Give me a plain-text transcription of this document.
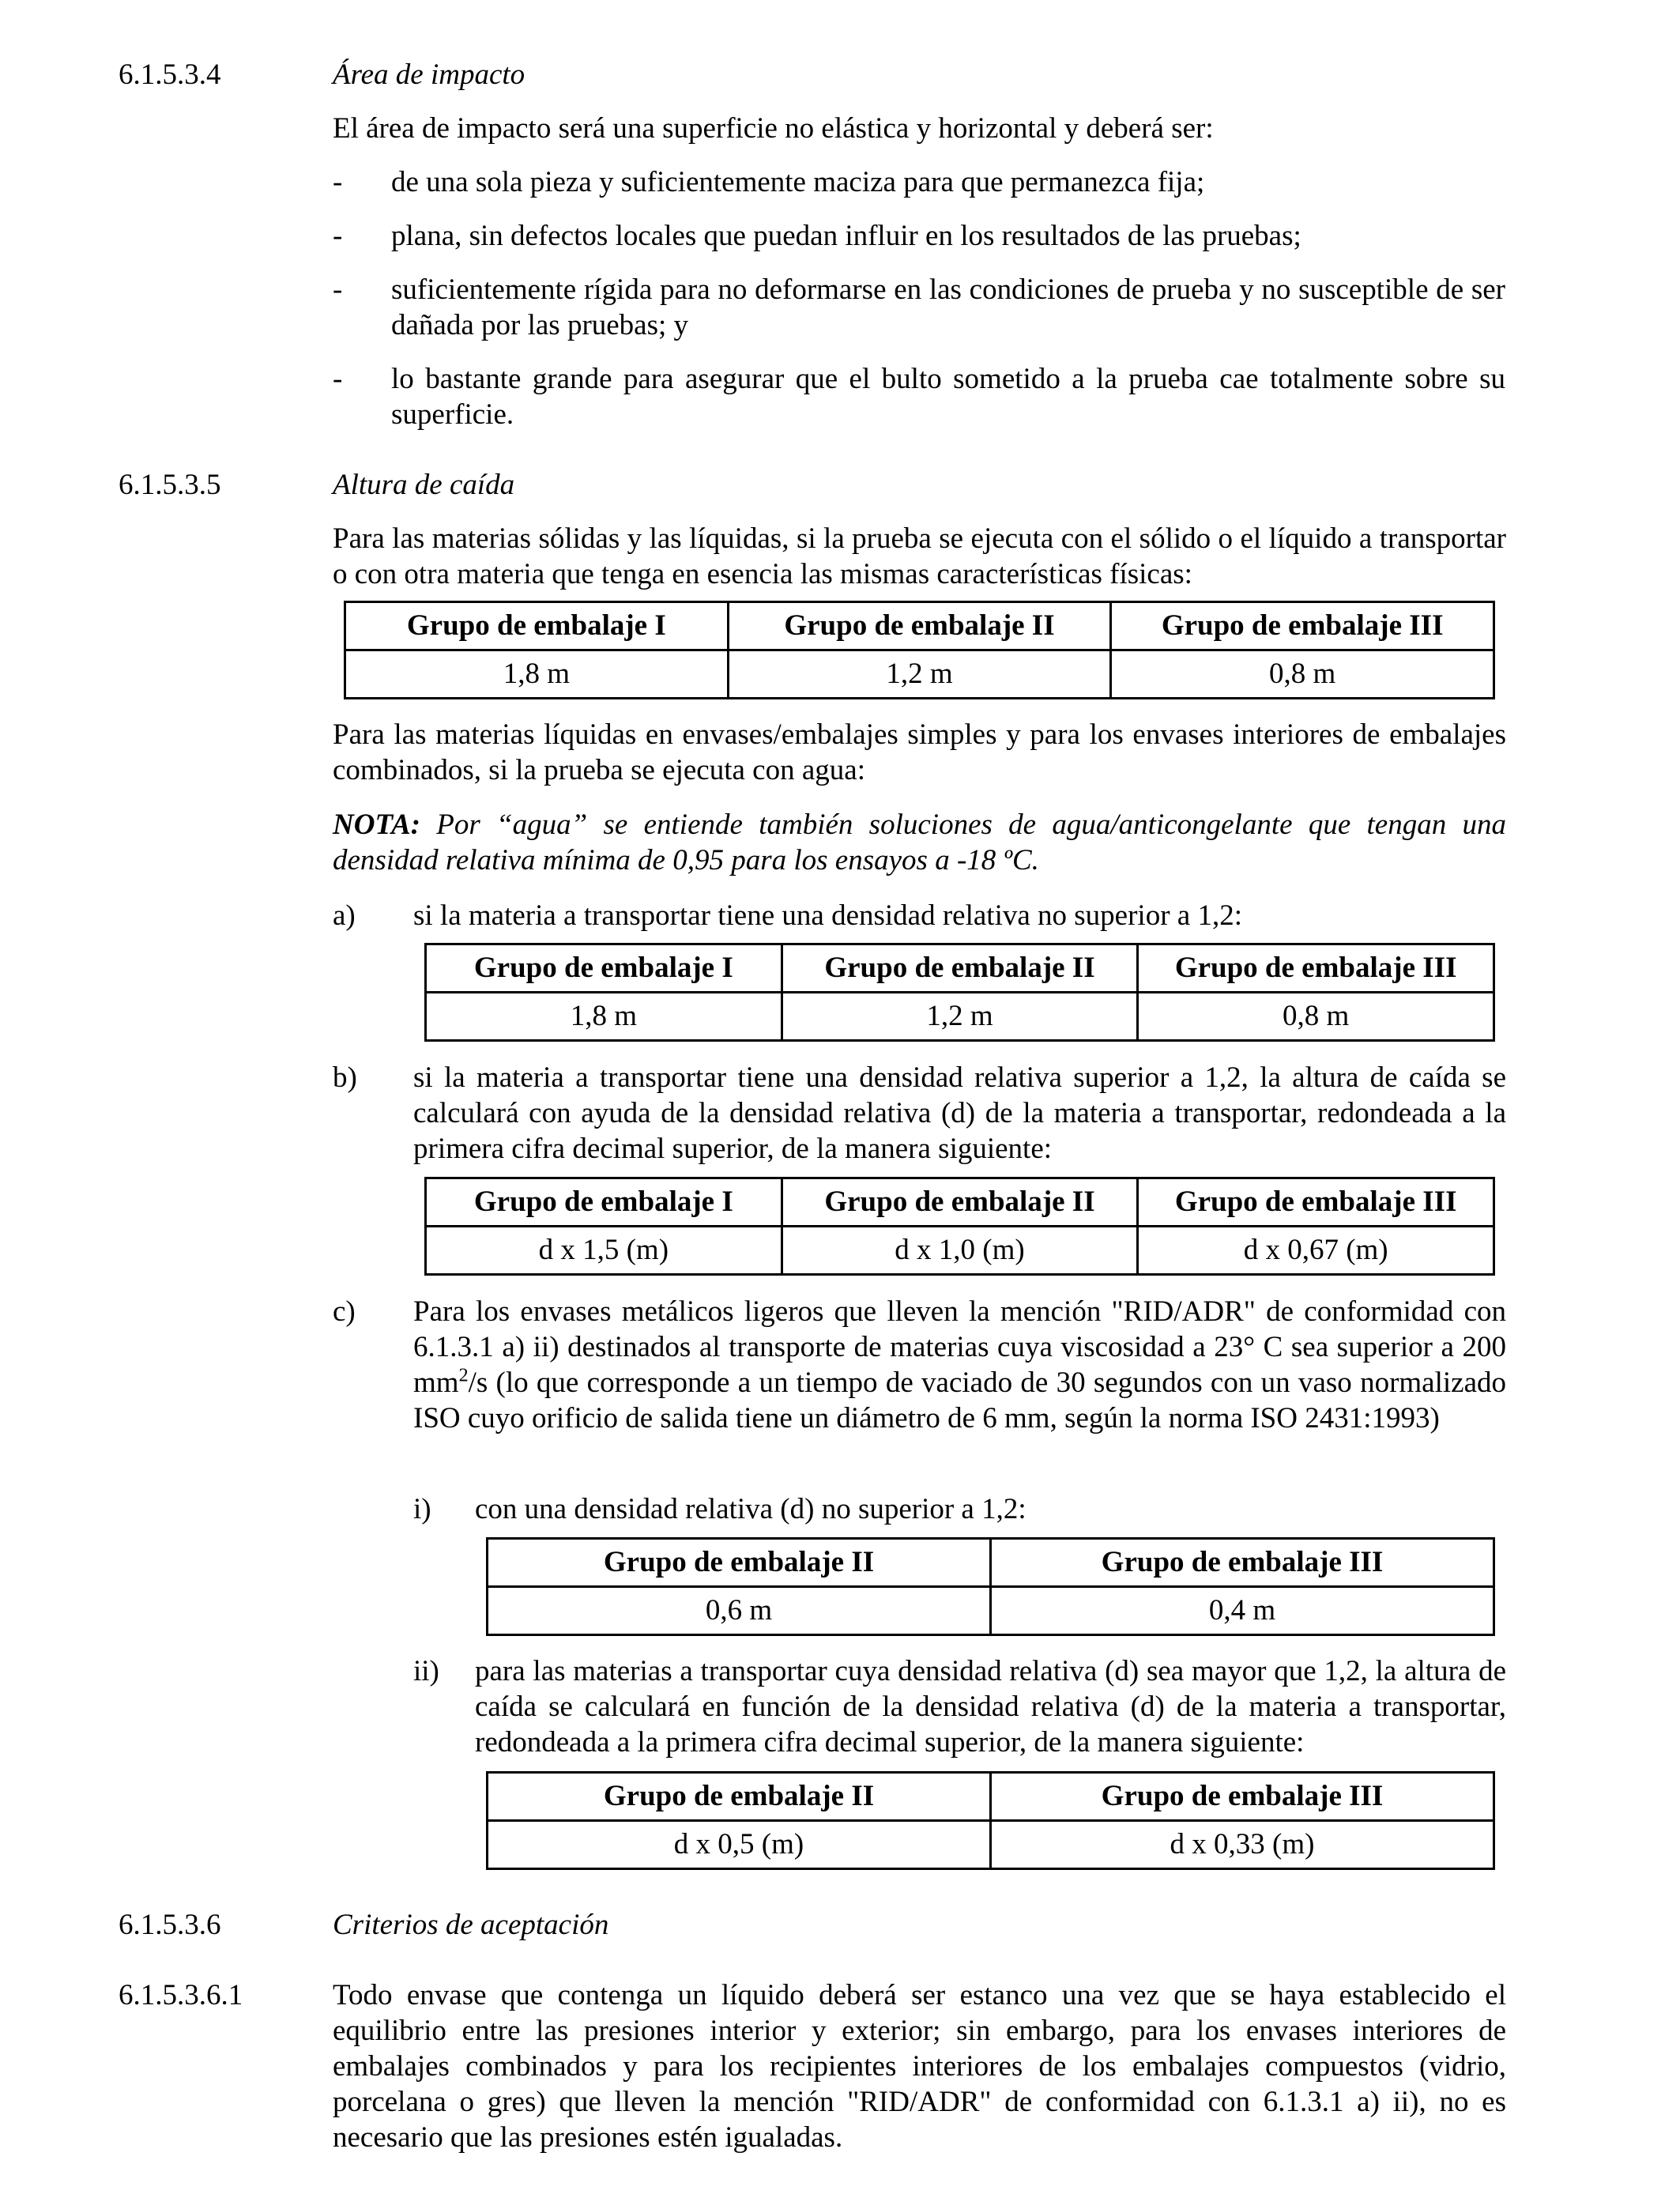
6.1.5.3.4	Área de impacto
El área de impacto será una superficie no elástica y horizontal y deberá ser:
- de una sola pieza y suficientemente maciza para que permanezca fija;
- plana, sin defectos locales que puedan influir en los resultados de las pruebas;
- suficientemente rígida para no deformarse en las condiciones de prueba y no susceptible de ser dañada por las pruebas; y
- lo bastante grande para asegurar que el bulto sometido a la prueba cae totalmente sobre su superficie.
6.1.5.3.5	Altura de caída
Para las materias sólidas y las líquidas, si la prueba se ejecuta con el sólido o el líquido a transportar o con otra materia que tenga en esencia las mismas características físicas:
Grupo de embalaje I	Grupo de embalaje II	Grupo de embalaje III
1,8 m	1,2 m	0,8 m
Para las materias líquidas en envases/embalajes simples y para los envases interiores de embalajes combinados, si la prueba se ejecuta con agua:
NOTA: Por “agua” se entiende también soluciones de agua/anticongelante que tengan una densidad relativa mínima de 0,95 para los ensayos a -18 ºC.
a) si la materia a transportar tiene una densidad relativa no superior a 1,2:
Grupo de embalaje I	Grupo de embalaje II	Grupo de embalaje III
1,8 m	1,2 m	0,8 m
b) si la materia a transportar tiene una densidad relativa superior a 1,2, la altura de caída se calculará con ayuda de la densidad relativa (d) de la materia a transportar, redondeada a la primera cifra decimal superior, de la manera siguiente:
Grupo de embalaje I	Grupo de embalaje II	Grupo de embalaje III
d x 1,5 (m)	d x 1,0 (m)	d x 0,67 (m)
c) Para los envases metálicos ligeros que lleven la mención "RID/ADR" de conformidad con 6.1.3.1 a) ii) destinados al transporte de materias cuya viscosidad a 23° C sea superior a 200 $mm^2/s$ (lo que corresponde a un tiempo de vaciado de 30 segundos con un vaso normalizado ISO cuyo orificio de salida tiene un diámetro de 6 mm, según la norma ISO 2431:1993)
i) con una densidad relativa (d) no superior a 1,2:
Grupo de embalaje II	Grupo de embalaje III
0,6 m	0,4 m
ii) para las materias a transportar cuya densidad relativa (d) sea mayor que 1,2, la altura de caída se calculará en función de la densidad relativa (d) de la materia a transportar, redondeada a la primera cifra decimal superior, de la manera siguiente:
Grupo de embalaje II	Grupo de embalaje III
d x 0,5 (m)	d x 0,33 (m)
6.1.5.3.6	Criterios de aceptación
6.1.5.3.6.1	Todo envase que contenga un líquido deberá ser estanco una vez que se haya establecido el equilibrio entre las presiones interior y exterior; sin embargo, para los envases interiores de embalajes combinados y para los recipientes interiores de los embalajes compuestos (vidrio, porcelana o gres) que lleven la mención "RID/ADR" de conformidad con 6.1.3.1 a) ii), no es necesario que las presiones estén igualadas.
